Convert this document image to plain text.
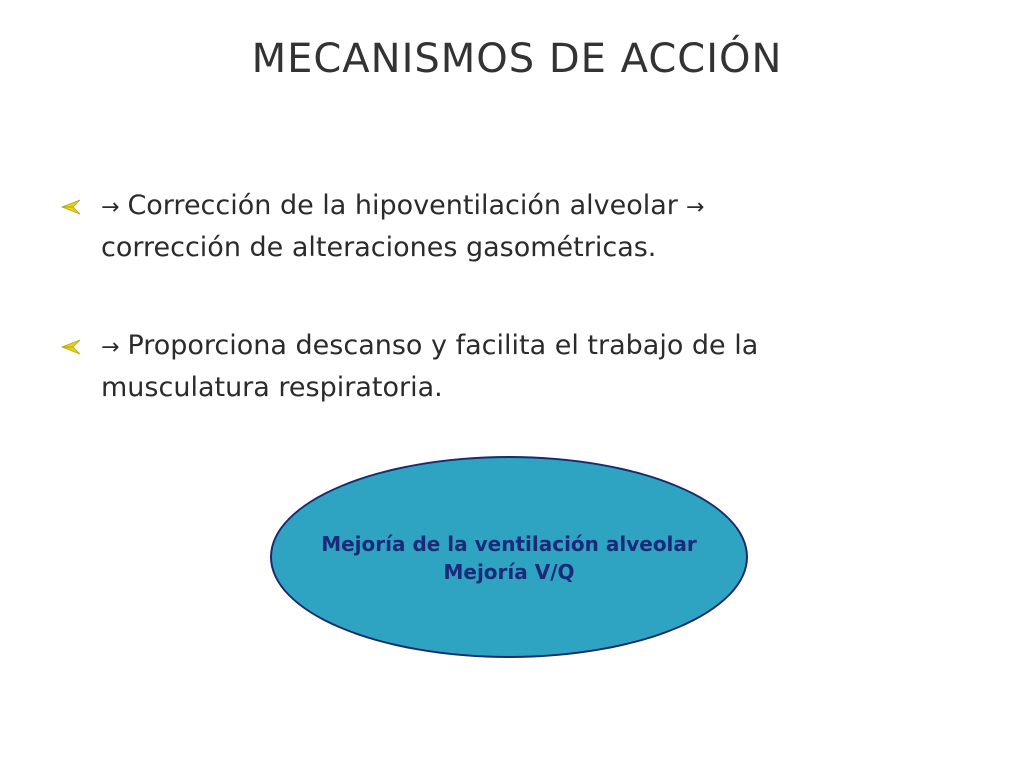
MECANISMOS DE ACCIÓN
→ Corrección de la hipoventilación alveolar →
corrección de alteraciones gasométricas.
→ Proporciona descanso y facilita el trabajo de la
musculatura respiratoria.
Mejoría de la ventilación alveolar
Mejoría V/Q
